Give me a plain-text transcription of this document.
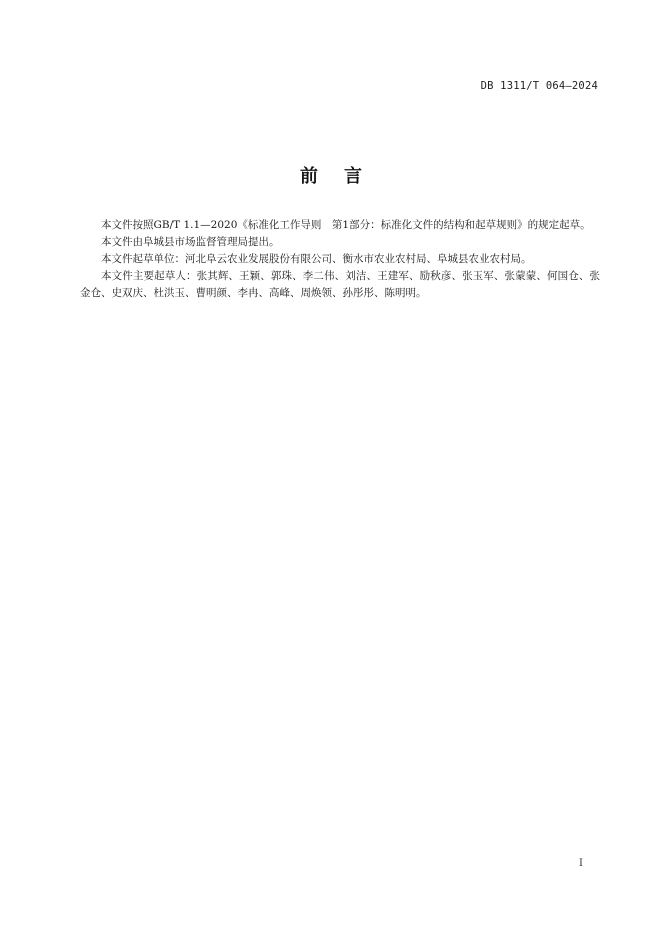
DB 1311/T 064—2024
前言

本文件按照GB/T 1.1—2020《标准化工作导则　第1部分：标准化文件的结构和起草规则》的规定起草。

本文件由阜城县市场监督管理局提出。

本文件起草单位：河北阜云农业发展股份有限公司、衡水市农业农村局、阜城县农业农村局。

本文件主要起草人：张其辉、王颖、郭珠、李二伟、刘洁、王建军、励秋彦、张玉军、张蒙蒙、何国仓、张金仓、史双庆、杜洪玉、曹明颜、李冉、高峰、周焕领、孙彤彤、陈明明。

I
